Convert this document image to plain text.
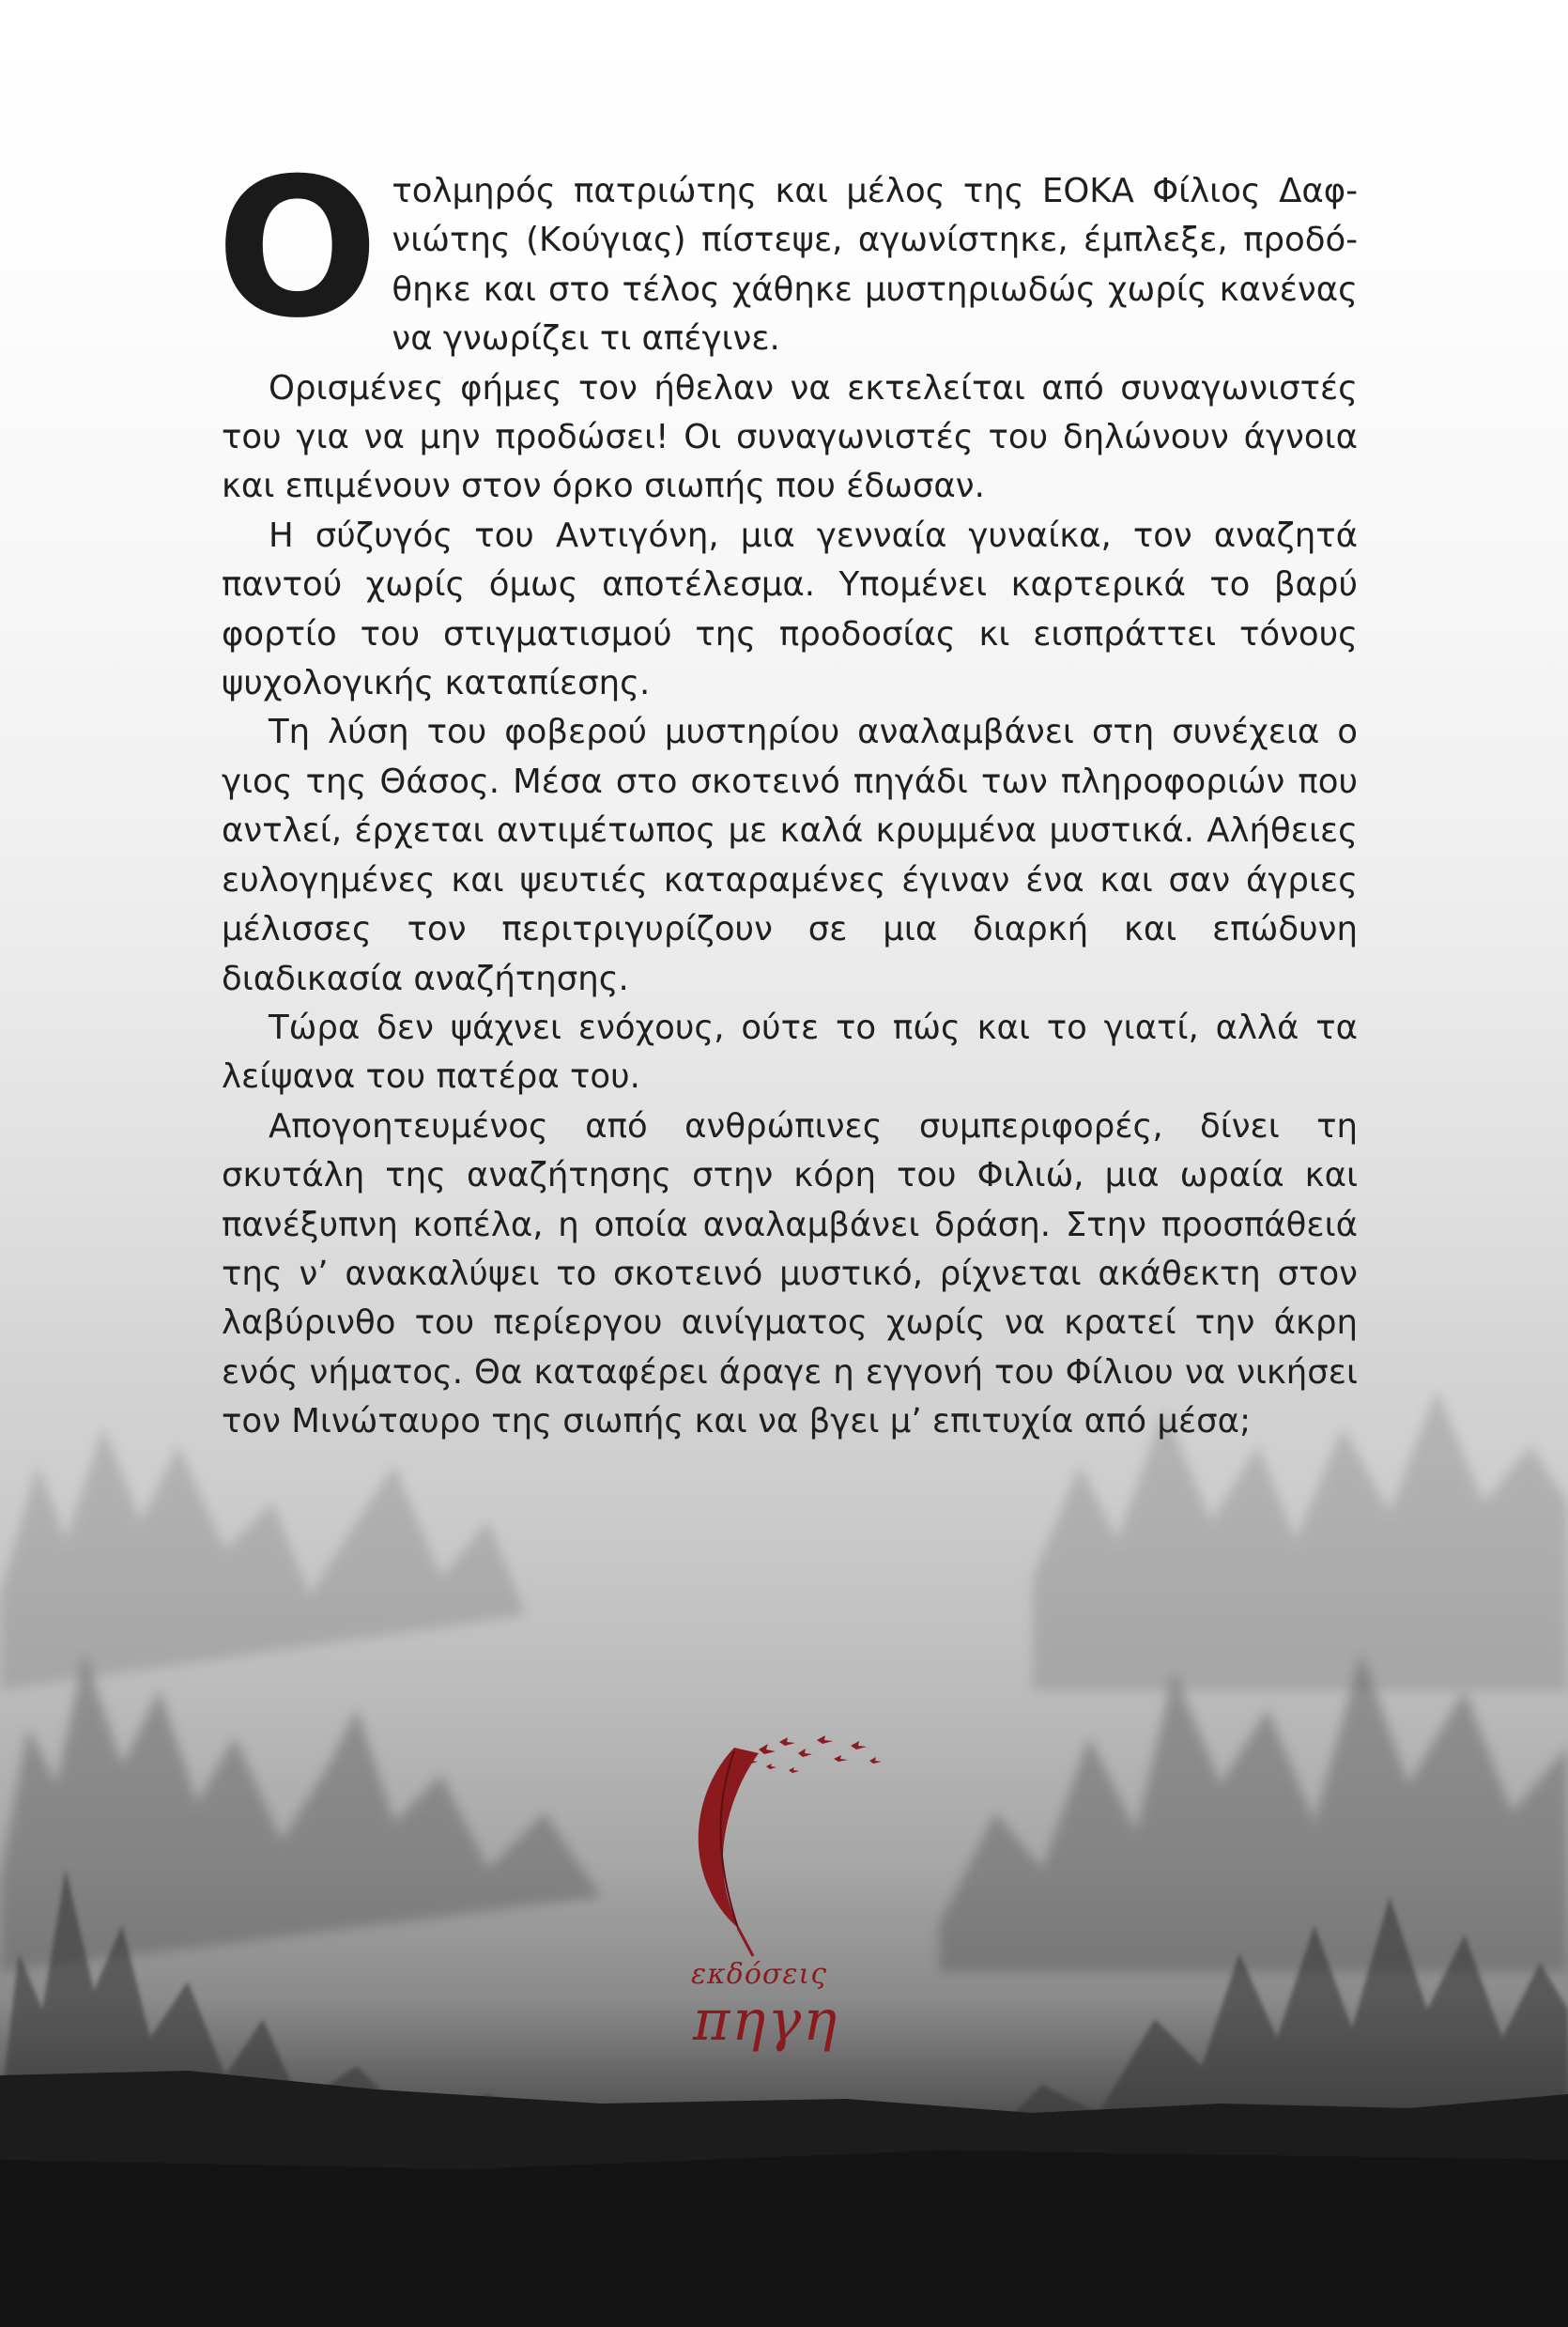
Οτολμηρός πατριώτης και μέλος της ΕΟΚΑ Φίλιος Δαφνιώτης (Κούγιας) πίστεψε, αγωνίστηκε, έμπλεξε, προδόθηκε και στο τέλος χάθηκε μυστηριωδώς χωρίς κανένας να γνωρίζει τι απέγινε.

Ορισμένες φήμες τον ήθελαν να εκτελείται από συναγωνιστές του για να μην προδώσει! Οι συναγωνιστές του δηλώνουν άγνοια και επιμένουν στον όρκο σιωπής που έδωσαν.

Η σύζυγός του Αντιγόνη, μια γενναία γυναίκα, τον αναζητά παντού χωρίς όμως αποτέλεσμα. Υπομένει καρτερικά το βαρύ φορτίο του στιγματισμού της προδοσίας κι εισπράττει τόνους ψυχολογικής καταπίεσης.

Τη λύση του φοβερού μυστηρίου αναλαμβάνει στη συνέχεια ο γιος της Θάσος. Μέσα στο σκοτεινό πηγάδι των πληροφοριών που αντλεί, έρχεται αντιμέτωπος με καλά κρυμμένα μυστικά. Αλήθειες ευλογημένες και ψευτιές καταραμένες έγιναν ένα και σαν άγριες μέλισσες τον περιτριγυρίζουν σε μια διαρκή και επώδυνη διαδικασία αναζήτησης.

Τώρα δεν ψάχνει ενόχους, ούτε το πώς και το γιατί, αλλά τα λείψανα του πατέρα του.

Απογοητευμένος από ανθρώπινες συμπεριφορές, δίνει τη σκυτάλη της αναζήτησης στην κόρη του Φιλιώ, μια ωραία και πανέξυπνη κοπέλα, η οποία αναλαμβάνει δράση. Στην προσπάθειά της ν’ ανακαλύψει το σκοτεινό μυστικό, ρίχνεται ακάθεκτη στον λαβύρινθο του περίεργου αινίγματος χωρίς να κρατεί την άκρη ενός νήματος. Θα καταφέρει άραγε η εγγονή του Φίλιου να νικήσει τον Μινώταυρο της σιωπής και να βγει μ’ επιτυχία από μέσα;

εκδόσεις
πηγη
